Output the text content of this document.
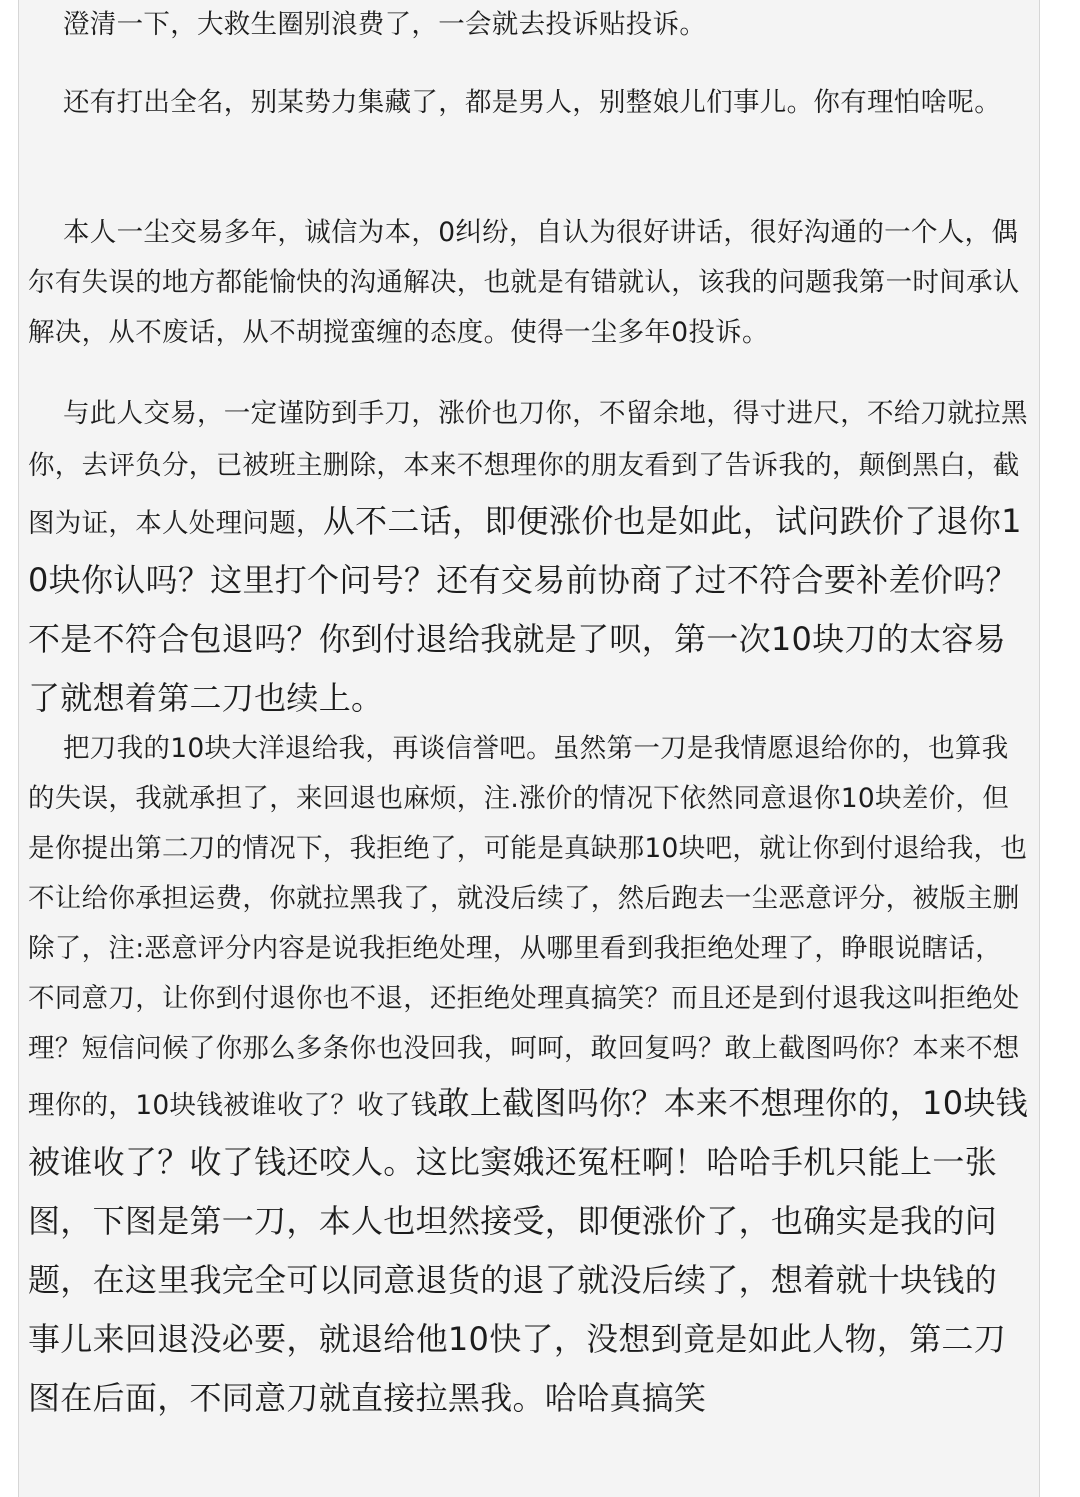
澄清一下，大救生圈别浪费了，一会就去投诉贴投诉。

还有打出全名，别某势力集藏了，都是男人，别整娘儿们事儿。你有理怕啥呢。

本人一尘交易多年，诚信为本，0纠纷，自认为很好讲话，很好沟通的一个人，偶尔有失误的地方都能愉快的沟通解决，也就是有错就认，该我的问题我第一时间承认解决，从不废话，从不胡搅蛮缠的态度。使得一尘多年0投诉。

与此人交易，一定谨防到手刀，涨价也刀你，不留余地，得寸进尺，不给刀就拉黑你，去评负分，已被班主删除，本来不想理你的朋友看到了告诉我的，颠倒黑白，截图为证，本人处理问题，从不二话，即便涨价也是如此，试问跌价了退你10块你认吗？这里打个问号？还有交易前协商了过不符合要补差价吗？不是不符合包退吗？你到付退给我就是了呗，第一次10块刀的太容易了就想着第二刀也续上。

把刀我的10块大洋退给我，再谈信誉吧。虽然第一刀是我情愿退给你的，也算我的失误，我就承担了，来回退也麻烦，注.涨价的情况下依然同意退你10块差价，但是你提出第二刀的情况下，我拒绝了，可能是真缺那10块吧，就让你到付退给我，也不让给你承担运费，你就拉黑我了，就没后续了，然后跑去一尘恶意评分，被版主删除了，注:恶意评分内容是说我拒绝处理，从哪里看到我拒绝处理了，睁眼说瞎话，不同意刀，让你到付退你也不退，还拒绝处理真搞笑？而且还是到付退我这叫拒绝处理？短信问候了你那么多条你也没回我，呵呵，敢回复吗？敢上截图吗你？本来不想理你的，10块钱被谁收了？收了钱敢上截图吗你？本来不想理你的，10块钱被谁收了？收了钱还咬人。这比窦娥还冤枉啊！哈哈手机只能上一张图，下图是第一刀，本人也坦然接受，即便涨价了，也确实是我的问题，在这里我完全可以同意退货的退了就没后续了，想着就十块钱的事儿来回退没必要，就退给他10快了，没想到竟是如此人物，第二刀图在后面，不同意刀就直接拉黑我。哈哈真搞笑
